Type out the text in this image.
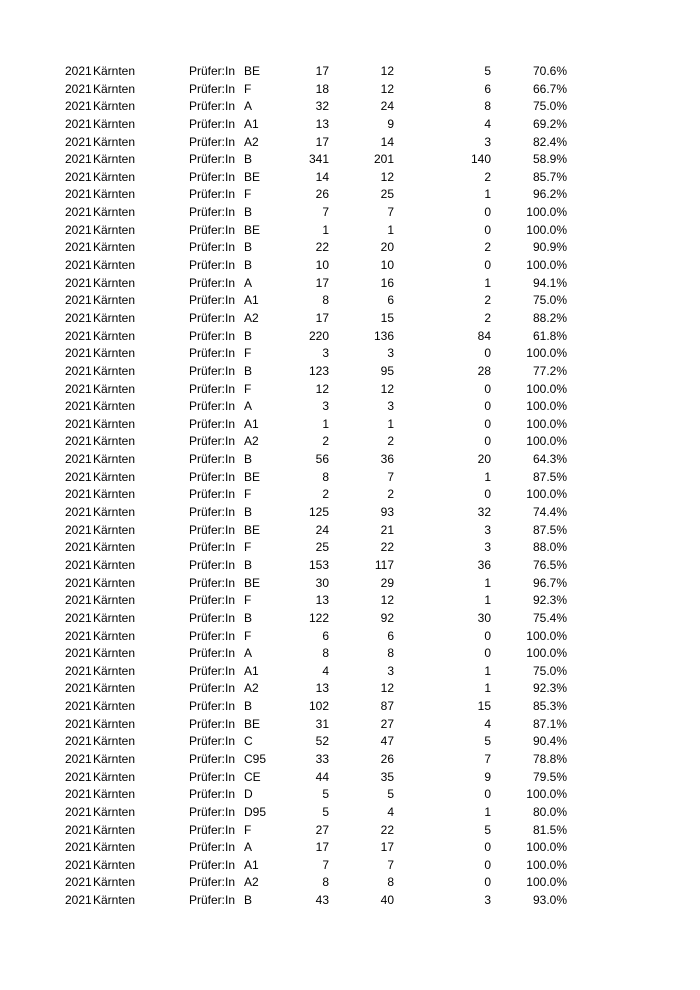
2021 Kärnten	Prüfer:In BE	17	12	5	70.6%
2021 Kärnten	Prüfer:In F	18	12	6	66.7%
2021 Kärnten	Prüfer:In A	32	24	8	75.0%
2021 Kärnten	Prüfer:In A1	13	9	4	69.2%
2021 Kärnten	Prüfer:In A2	17	14	3	82.4%
2021 Kärnten	Prüfer:In B	341	201	140	58.9%
2021 Kärnten	Prüfer:In BE	14	12	2	85.7%
2021 Kärnten	Prüfer:In F	26	25	1	96.2%
2021 Kärnten	Prüfer:In B	7	7	0	100.0%
2021 Kärnten	Prüfer:In BE	1	1	0	100.0%
2021 Kärnten	Prüfer:In B	22	20	2	90.9%
2021 Kärnten	Prüfer:In B	10	10	0	100.0%
2021 Kärnten	Prüfer:In A	17	16	1	94.1%
2021 Kärnten	Prüfer:In A1	8	6	2	75.0%
2021 Kärnten	Prüfer:In A2	17	15	2	88.2%
2021 Kärnten	Prüfer:In B	220	136	84	61.8%
2021 Kärnten	Prüfer:In F	3	3	0	100.0%
2021 Kärnten	Prüfer:In B	123	95	28	77.2%
2021 Kärnten	Prüfer:In F	12	12	0	100.0%
2021 Kärnten	Prüfer:In A	3	3	0	100.0%
2021 Kärnten	Prüfer:In A1	1	1	0	100.0%
2021 Kärnten	Prüfer:In A2	2	2	0	100.0%
2021 Kärnten	Prüfer:In B	56	36	20	64.3%
2021 Kärnten	Prüfer:In BE	8	7	1	87.5%
2021 Kärnten	Prüfer:In F	2	2	0	100.0%
2021 Kärnten	Prüfer:In B	125	93	32	74.4%
2021 Kärnten	Prüfer:In BE	24	21	3	87.5%
2021 Kärnten	Prüfer:In F	25	22	3	88.0%
2021 Kärnten	Prüfer:In B	153	117	36	76.5%
2021 Kärnten	Prüfer:In BE	30	29	1	96.7%
2021 Kärnten	Prüfer:In F	13	12	1	92.3%
2021 Kärnten	Prüfer:In B	122	92	30	75.4%
2021 Kärnten	Prüfer:In F	6	6	0	100.0%
2021 Kärnten	Prüfer:In A	8	8	0	100.0%
2021 Kärnten	Prüfer:In A1	4	3	1	75.0%
2021 Kärnten	Prüfer:In A2	13	12	1	92.3%
2021 Kärnten	Prüfer:In B	102	87	15	85.3%
2021 Kärnten	Prüfer:In BE	31	27	4	87.1%
2021 Kärnten	Prüfer:In C	52	47	5	90.4%
2021 Kärnten	Prüfer:In C95	33	26	7	78.8%
2021 Kärnten	Prüfer:In CE	44	35	9	79.5%
2021 Kärnten	Prüfer:In D	5	5	0	100.0%
2021 Kärnten	Prüfer:In D95	5	4	1	80.0%
2021 Kärnten	Prüfer:In F	27	22	5	81.5%
2021 Kärnten	Prüfer:In A	17	17	0	100.0%
2021 Kärnten	Prüfer:In A1	7	7	0	100.0%
2021 Kärnten	Prüfer:In A2	8	8	0	100.0%
2021 Kärnten	Prüfer:In B	43	40	3	93.0%
